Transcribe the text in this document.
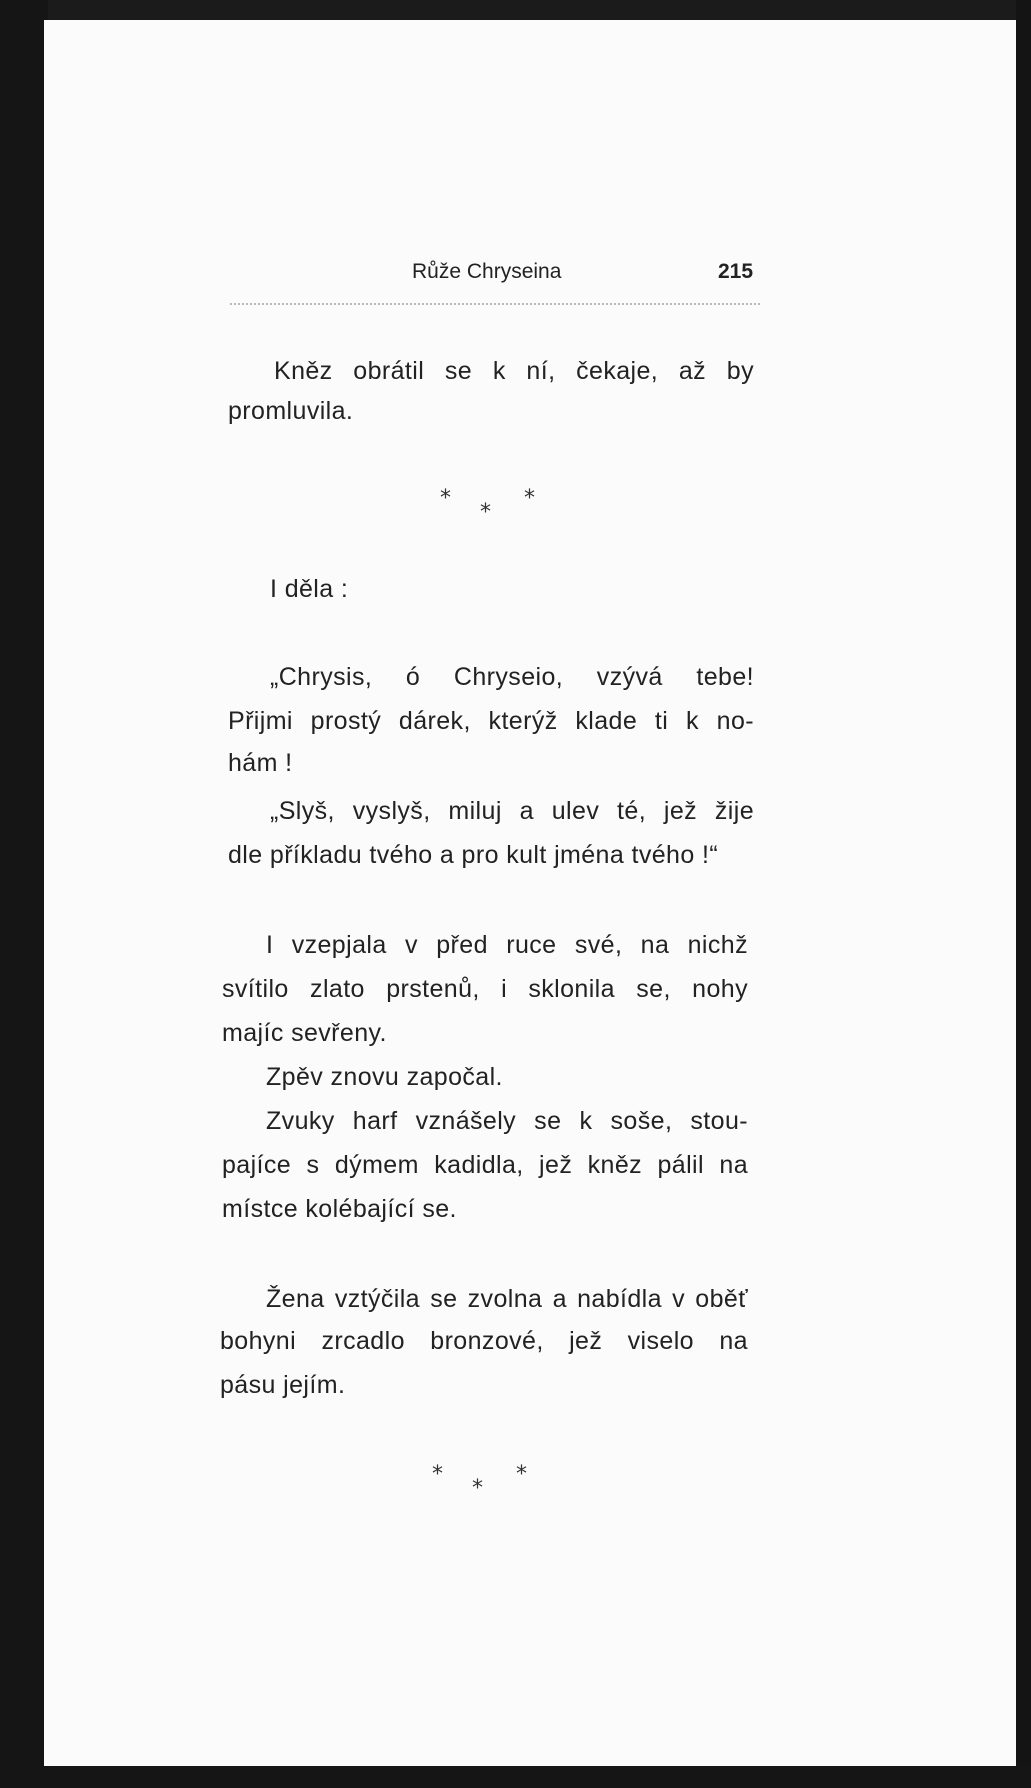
Růže Chryseina	215
Kněz obrátil se k ní, čekaje, až by
promluvila.
*
*
*
I děla :
„Chrysis, ó Chryseio, vzývá tebe!
Přijmi prostý dárek, kterýž klade ti k no-
hám !
„Slyš, vyslyš, miluj a ulev té, jež žije
dle příkladu tvého a pro kult jména tvého !“
I vzepjala v před ruce své, na nichž
svítilo zlato prstenů, i sklonila se, nohy
majíc sevřeny.
Zpěv znovu započal.
Zvuky harf vznášely se k soše, stou-
pajíce s dýmem kadidla, jež kněz pálil na
místce kolébající se.
Žena vztýčila se zvolna a nabídla v oběť
bohyni zrcadlo bronzové, jež viselo na
pásu jejím.
*
*
*
